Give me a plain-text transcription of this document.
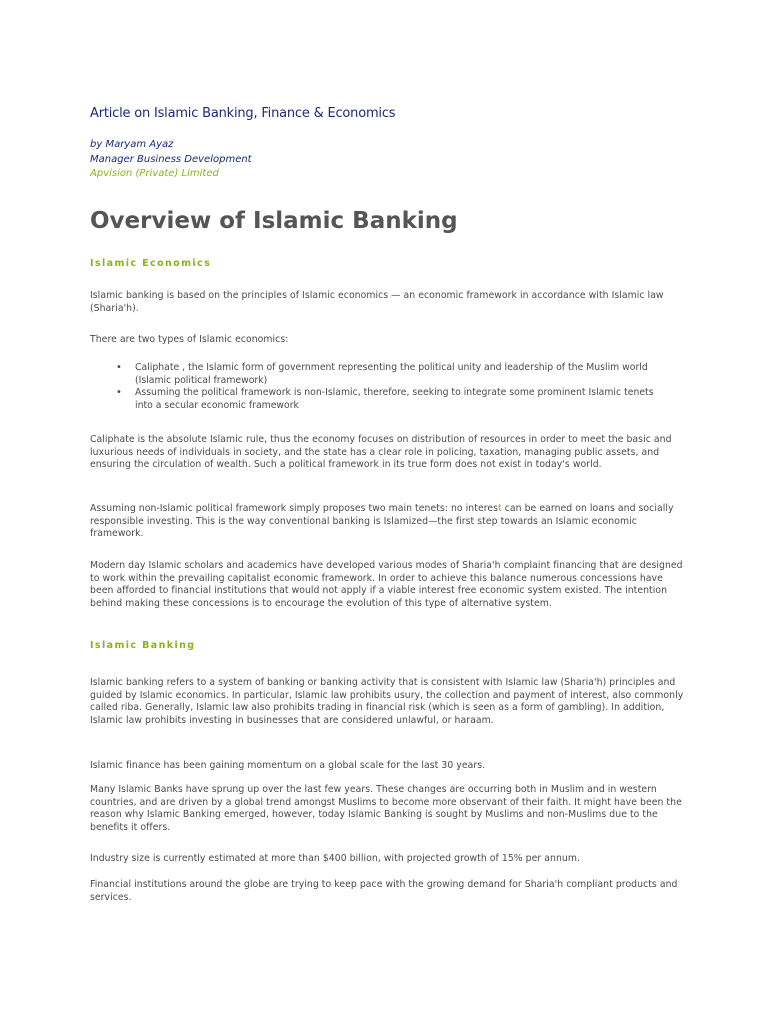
Article on Islamic Banking, Finance & Economics
by Maryam Ayaz
Manager Business Development
Apvision (Private) Limited
Overview of Islamic Banking
Islamic Economics

Islamic banking is based on the principles of Islamic economics — an economic framework in accordance with Islamic law (Sharia'h).

There are two types of Islamic economics:

• Caliphate , the Islamic form of government representing the political unity and leadership of the Muslim world (Islamic political framework)
• Assuming the political framework is non-Islamic, therefore, seeking to integrate some prominent Islamic tenets into a secular economic framework

Caliphate is the absolute Islamic rule, thus the economy focuses on distribution of resources in order to meet the basic and luxurious needs of individuals in society, and the state has a clear role in policing, taxation, managing public assets, and ensuring the circulation of wealth. Such a political framework in its true form does not exist in today's world.

Assuming non-Islamic political framework simply proposes two main tenets: no interest can be earned on loans and socially responsible investing. This is the way conventional banking is Islamized—the first step towards an Islamic economic framework.

Modern day Islamic scholars and academics have developed various modes of Sharia'h complaint financing that are designed to work within the prevailing capitalist economic framework. In order to achieve this balance numerous concessions have been afforded to financial institutions that would not apply if a viable interest free economic system existed. The intention behind making these concessions is to encourage the evolution of this type of alternative system.

Islamic Banking

Islamic banking refers to a system of banking or banking activity that is consistent with Islamic law (Sharia'h) principles and guided by Islamic economics. In particular, Islamic law prohibits usury, the collection and payment of interest, also commonly called riba. Generally, Islamic law also prohibits trading in financial risk (which is seen as a form of gambling). In addition, Islamic law prohibits investing in businesses that are considered unlawful, or haraam.

Islamic finance has been gaining momentum on a global scale for the last 30 years.

Many Islamic Banks have sprung up over the last few years. These changes are occurring both in Muslim and in western countries, and are driven by a global trend amongst Muslims to become more observant of their faith. It might have been the reason why Islamic Banking emerged, however, today Islamic Banking is sought by Muslims and non-Muslims due to the benefits it offers.

Industry size is currently estimated at more than $400 billion, with projected growth of 15% per annum.

Financial institutions around the globe are trying to keep pace with the growing demand for Sharia'h compliant products and services.
